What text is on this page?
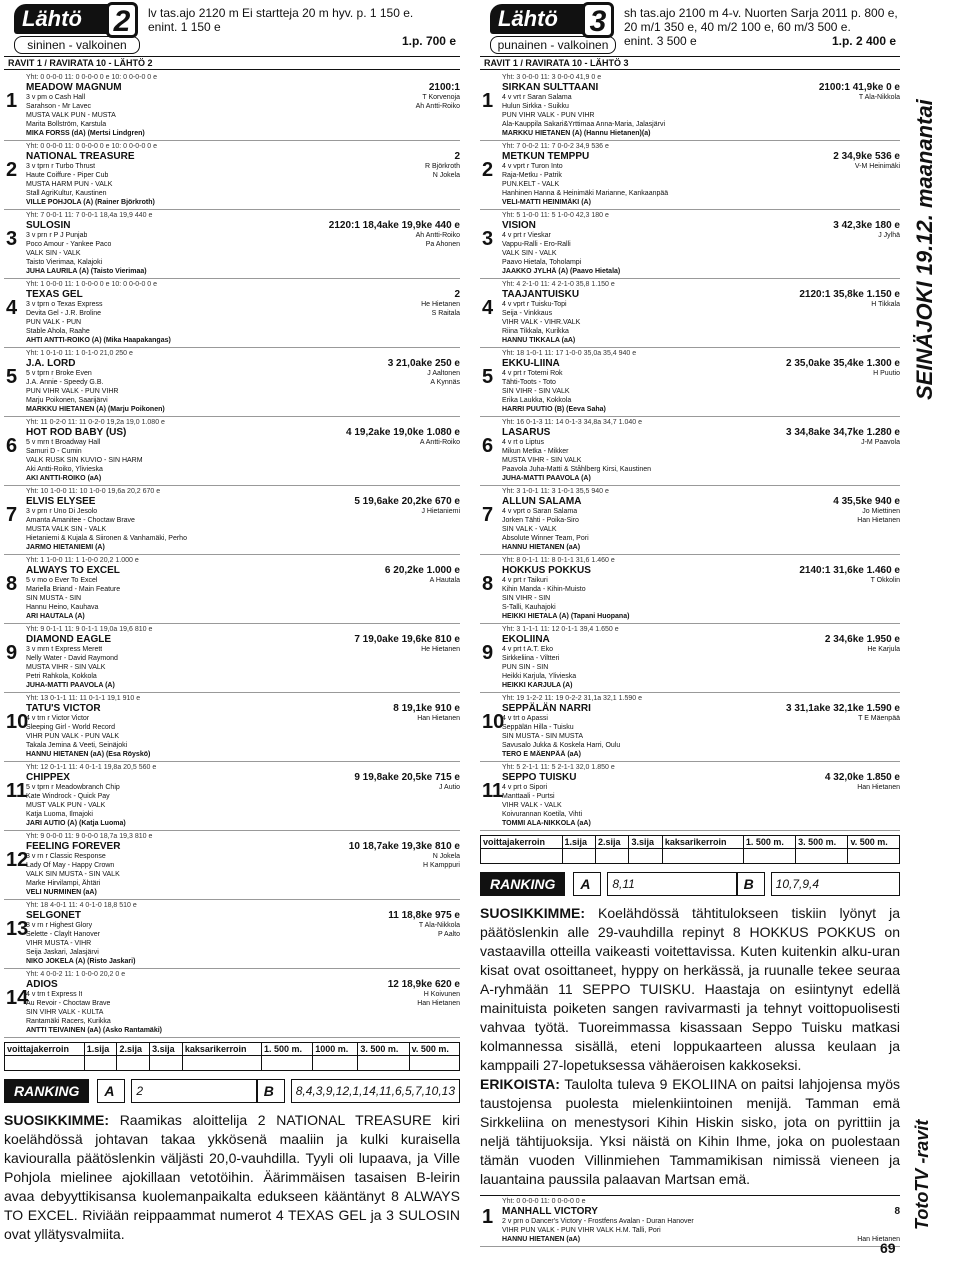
Lähtö	2
sininen - valkoinen
lv tas.ajo 2120 m Ei startteja 20 m hyv. p. 1 150 e.
enint. 1 150 e
1.p. 700 e
RAVIT 1 / RAVIRATA 10 - LÄHTÖ 2
1
Yht: 0 0-0-0 11: 0 0-0-0 0 e 10: 0 0-0-0 0 e
MEADOW MAGNUM	2100:1
3 v pm o Cash Hall	T Korvenoja
Sarahson - Mr Lavec	Ah Antti-Roiko
MUSTA VALK PUN - MUSTA
Marita Bollström, Karstula
MIKA FORSS (dA) (Mertsi Lindgren)
2
Yht: 0 0-0-0 11: 0 0-0-0 0 e 10: 0 0-0-0 0 e
NATIONAL TREASURE	2
3 v tprn r Turbo Thrust	R Björkroth
Haute Coiffure - Piper Cub	N Jokela
MUSTA HARM PUN - VALK
Stall AgriKultur, Kaustinen
VILLE POHJOLA (A) (Rainer Björkroth)
3
Yht: 7 0-0-1 11: 7 0-0-1 18,4a 19,9 440 e
SULOSIN	2120:1 18,4ake 19,9ke 440 e
3 v prn r P J Punjab	Ah Antti-Roiko
Poco Amour - Yankee Paco	Pa Ahonen
VALK SIN - VALK
Taisto Vierimaa, Kalajoki
JUHA LAURILA (A) (Taisto Vierimaa)
4
Yht: 1 0-0-0 11: 1 0-0-0 0 e 10: 0 0-0-0 0 e
TEXAS GEL	2
3 v tprn o Texas Express	He Hietanen
Devita Gel - J.R. Broline	S Raitala
PUN VALK - PUN
Stable Ahola, Raahe
AHTI ANTTI-ROIKO (A) (Mika Haapakangas)
5
Yht: 1 0-1-0 11: 1 0-1-0 21,0 250 e
J.A. LORD	3 21,0ake 250 e
5 v tprn r Broke Even	J Aaltonen
J.A. Annie - Speedy G.B.	A Kynnäs
PUN VIHR VALK - PUN VIHR
Marju Poikonen, Saarijärvi
MARKKU HIETANEN (A) (Marju Poikonen)
6
Yht: 11 0-2-0 11: 11 0-2-0 19,2a 19,0 1.080 e
HOT ROD BABY (US)	4 19,2ake 19,0ke 1.080 e
5 v mrn t Broadway Hall	A Antti-Roiko
Samuri D - Cumin
VALK RUSK SIN KUVIO - SIN HARM
Aki Antti-Roiko, Ylivieska
AKI ANTTI-ROIKO (aA)
7
Yht: 10 1-0-0 11: 10 1-0-0 19,6a 20,2 670 e
ELVIS ELYSEE	5 19,6ake 20,2ke 670 e
3 v prn r Uno Di Jesolo	J Hietaniemi
Amanta Amanitee - Choctaw Brave
MUSTA VALK SIN - VALK
Hietaniemi & Kujala & Siironen & Vanhamäki, Perho
JARMO HIETANIEMI (A)
8
Yht: 1 1-0-0 11: 1 1-0-0 20,2 1.000 e
ALWAYS TO EXCEL	6 20,2ke 1.000 e
5 v mo o Ever To Excel	A Hautala
Mariella Briand - Main Feature
SIN MUSTA - SIN
Hannu Heino, Kauhava
ARI HAUTALA (A)
9
Yht: 9 0-1-1 11: 9 0-1-1 19,0a 19,6 810 e
DIAMOND EAGLE	7 19,0ake 19,6ke 810 e
3 v mrn t Express Merett	He Hietanen
Nelly Water - David Raymond
MUSTA VIHR - SIN VALK
Petri Rahkola, Kokkola
JUHA-MATTI PAAVOLA (A)
10
Yht: 13 0-1-1 11: 11 0-1-1 19,1 910 e
TATU'S VICTOR	8 19,1ke 910 e
4 v trn r Victor Victor	Han Hietanen
Sleeping Girl - World Record
VIHR PUN VALK - PUN VALK
Takala Jemina & Veeti, Seinäjoki
HANNU HIETANEN (aA) (Esa Röyskö)
11
Yht: 12 0-1-1 11: 4 0-1-1 19,8a 20,5 560 e
CHIPPEX	9 19,8ake 20,5ke 715 e
5 v tprn r Meadowbranch Chip	J Autio
Kate Windrock - Quick Pay
MUST VALK PUN - VALK
Katja Luoma, Ilmajoki
JARI AUTIO (A) (Katja Luoma)
12
Yht: 9 0-0-0 11: 9 0-0-0 18,7a 19,3 810 e
FEELING FOREVER	10 18,7ake 19,3ke 810 e
3 v rn r Classic Response	N Jokela
Lady Of May - Happy Crown	H Kamppuri
VALK SIN MUSTA - SIN VALK
Marke Hirvilampi, Ähtäri
VELI NURMINEN (aA)
13
Yht: 18 4-0-1 11: 4 0-1-0 18,8 510 e
SELGONET	11 18,8ke 975 e
8 v rn r Highest Glory	T Ala-Nikkola
Selette - Claylt Hanover	P Aalto
VIHR MUSTA - VIHR
Seija Jaskari, Jalasjärvi
NIKO JOKELA (A) (Risto Jaskari)
14
Yht: 4 0-0-2 11: 1 0-0-0 20,2 0 e
ADIOS	12 18,9ke 620 e
4 v trn t Express It	H Koivunen
Au Revoir - Choctaw Brave	Han Hietanen
SIN VIHR VALK - KULTA
Rantamäki Racers, Kurikka
ANTTI TEIVAINEN (aA) (Asko Rantamäki)
voittajakerroin	1.sija	2.sija	3.sija	kaksarikerroin	1. 500 m.	1000 m.	3. 500 m.	v. 500 m.

RANKING	A	2	B	8,4,3,9,12,1,14,11,6,5,7,10,13
SUOSIKKIMME: Raamikas aloittelija 2 NATIONAL TREASURE kiri koelähdössä johtavan takaa ykkösenä maaliin ja kulki kuraisella kaviouralla päätöslenkin väljästi 20,0-vauhdilla. Tyyli oli lupaava, ja Ville Pohjola mielinee ajokillaan vetotöihin. Äärimmäisen tasaisen B-leirin avaa debyyttikisansa kuolemanpaikalta edukseen kääntänyt 8 ALWAYS TO EXCEL. Riviään reippaammat numerot 4 TEXAS GEL ja 3 SULOSIN ovat yllätysvalmiita.
Lähtö	3
punainen - valkoinen
sh tas.ajo 2100 m 4-v. Nuorten Sarja 2011 p. 800 e,
20 m/1 350 e, 40 m/2 100 e, 60 m/3 500 e.
enint. 3 500 e	1.p. 2 400 e
RAVIT 1 / RAVIRATA 10 - LÄHTÖ 3
1
Yht: 3 0-0-0 11: 3 0-0-0 41,9 0 e
SIRKAN SULTTAANI	2100:1 41,9ke 0 e
4 v vrt r Saran Salama	T Ala-Nikkola
Hulun Sirkka - Suikku
PUN VIHR VALK - PUN VIHR
Ala-Kauppila Sakari&Yrttimaa Anna-Maria, Jalasjärvi
MARKKU HIETANEN (A) (Hannu Hietanen)(a)
2
Yht: 7 0-0-2 11: 7 0-0-2 34,9 536 e
METKUN TEMPPU	2 34,9ke 536 e
4 v vprt r Turon Into	V-M Heinimäki
Raja-Metku - Patrik
PUN.KELT - VALK
Hanhinen Hanna & Heinimäki Marianne, Kankaanpää
VELI-MATTI HEINIMÄKI (A)
3
Yht: 5 1-0-0 11: 5 1-0-0 42,3 180 e
VISION	3 42,3ke 180 e
4 v prt r Vieskar	J Jylhä
Vappu-Ralli - Ero-Ralli
VALK SIN - VALK
Paavo Hietala, Toholampi
JAAKKO JYLHÄ (A) (Paavo Hietala)
4
Yht: 4 2-1-0 11: 4 2-1-0 35,8 1.150 e
TAAJANTUISKU	2120:1 35,8ke 1.150 e
4 v vprt r Tuisku-Topi	H Tikkala
Seija - Vinkkaus
VIHR VALK - VIHR.VALK
Riina Tikkala, Kurikka
HANNU TIKKALA (aA)
5
Yht: 18 1-0-1 11: 17 1-0-0 35,0a 35,4 940 e
EKKU-LIINA	2 35,0ake 35,4ke 1.300 e
4 v prt r Totemi Rok	H Puutio
Tähti-Toots - Toto
SIN VIHR - SIN VALK
Erika Laukka, Kokkola
HARRI PUUTIO (B) (Eeva Saha)
6
Yht: 16 0-1-3 11: 14 0-1-3 34,8a 34,7 1.040 e
LASARUS	3 34,8ake 34,7ke 1.280 e
4 v rt o Liptus	J-M Paavola
Mikun Metka - Mikker
MUSTA VIHR - SIN VALK
Paavola Juha-Matti & Ståhlberg Kirsi, Kaustinen
JUHA-MATTI PAAVOLA (A)
7
Yht: 3 1-0-1 11: 3 1-0-1 35,5 940 e
ALLUN SALAMA	4 35,5ke 940 e
4 v vprt o Saran Salama	Jo Miettinen
Jorken Tähti - Poika-Siro	Han Hietanen
SIN VALK - VALK
Absolute Winner Team, Pori
HANNU HIETANEN (aA)
8
Yht: 8 0-1-1 11: 8 0-1-1 31,6 1.460 e
HOKKUS POKKUS	2140:1 31,6ke 1.460 e
4 v prt r Taikuri	T Okkolin
Kihin Manda - Kihin-Muisto
SIN VIHR - SIN
S-Talli, Kauhajoki
HEIKKI HIETALA (A) (Tapani Huopana)
9
Yht: 3 1-1-1 11: 12 0-1-1 39,4 1.650 e
EKOLIINA	2 34,6ke 1.950 e
4 v prt t A.T. Eko	He Karjula
Sirkkeliina - Viltteri
PUN SIN - SIN
Heikki Karjula, Ylivieska
HEIKKI KARJULA (A)
10
Yht: 19 1-2-2 11: 19 0-2-2 31,1a 32,1 1.590 e
SEPPÄLÄN NARRI	3 31,1ake 32,1ke 1.590 e
4 v trt o Apassi	T E Mäenpää
Seppälän Hilla - Tuisku
SIN MUSTA - SIN MUSTA
Savusalo Jukka & Koskela Harri, Oulu
TERO E MÄENPÄÄ (aA)
11
Yht: 5 2-1-1 11: 5 2-1-1 32,0 1.850 e
SEPPO TUISKU	4 32,0ke 1.850 e
4 v prt o Sipori	Han Hietanen
Manttaali - Purtsi
VIHR VALK - VALK
Koivurannan Koetila, Vihti
TOMMI ALA-NIKKOLA (aA)
voittajakerroin	1.sija	2.sija	3.sija	kaksarikerroin	1. 500 m.	3. 500 m.	v. 500 m.

RANKING	A	8,11	B	10,7,9,4
SUOSIKKIMME: Koelähdössä tähtitulokseen tiskiin lyönyt ja päätöslenkin alle 29-vauhdilla repinyt 8 HOKKUS POKKUS on vastaavilla otteilla vaikeasti voitettavissa. Kuten kuitenkin alku-uran kisat ovat osoittaneet, hyppy on herkässä, ja ruunalle tekee seuraa A-ryhmään 11 SEPPO TUISKU. Haastaja on esiintynyt edellä mainituista poiketen sangen ravivarmasti ja tehnyt voittopuolisesti vahvaa työtä. Tuoreimmassa kisassaan Seppo Tuisku matkasi kolmannessa sisällä, eteni loppukaarteen alussa keulaan ja kamppaili 27-lopetuksessa vähäeroisen kakkoseksi.
ERIKOISTA: Taulolta tulevа 9 EKOLIINA on paitsi lahjojensa myös taustojensa puolesta mielenkiintoinen menijä. Tamman emä Sirkkeliina on menestysori Kihin Hiskin sisko, jota on pyrittiin ja neljä tähtijuoksija. Yksi näistä on Kihin Ihme, joka on puolestaan tämän vuoden Villinmiehen Tammamikisan nimissä vieneen ja lauantaina paussila palaavan Martsan emä.
1
Yht: 0 0-0-0 11: 0 0-0-0 0 e
MANHALL VICTORY	8
2 v prn o Dancer's Victory - Frostfens Avalan - Duran Hanover
VIHR PUN VALK - PUN VIHR VALK H.M. Talli, Pori
HANNU HIETANEN (aA)	Han Hietanen
SEINÄJOKI 19.12. maanantai
TotoTV -ravit
69
